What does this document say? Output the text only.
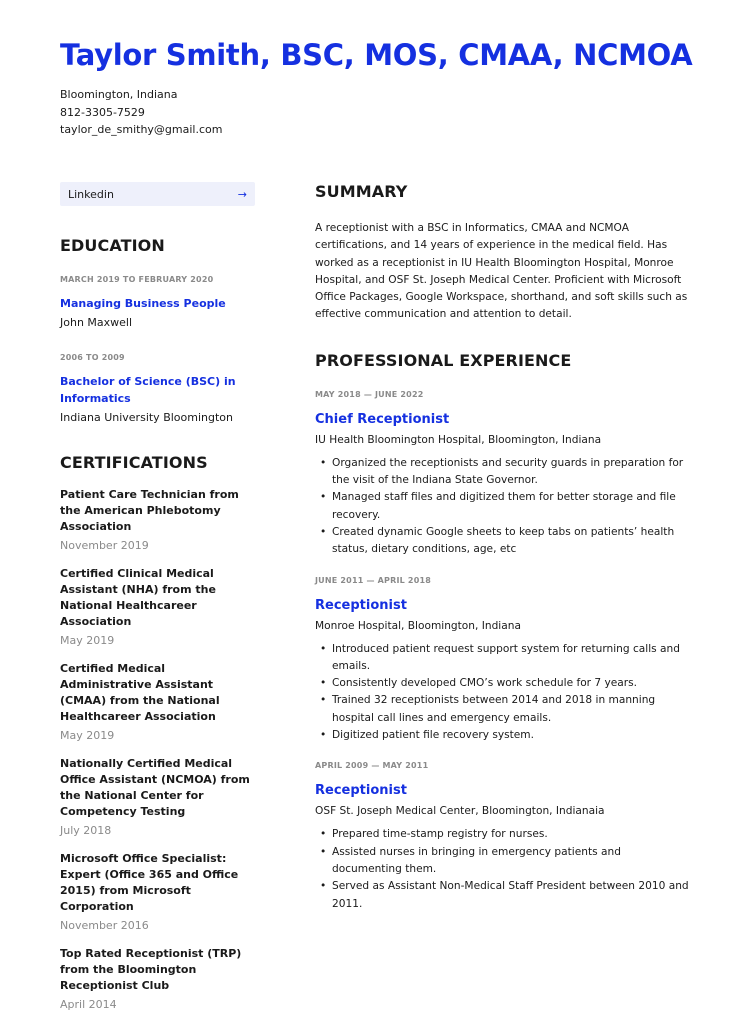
Taylor Smith, BSC, MOS, CMAA, NCMOA
Bloomington, Indiana
812-3305-7529
taylor_de_smithy@gmail.com
Linkedin	→
EDUCATION
MARCH 2019 TO FEBRUARY 2020
Managing Business People
John Maxwell
2006 TO 2009
Bachelor of Science (BSC) in Informatics
Indiana University Bloomington
CERTIFICATIONS
Patient Care Technician from the American Phlebotomy Association
November 2019
Certified Clinical Medical Assistant (NHA) from the National Healthcareer Association
May 2019
Certified Medical Administrative Assistant (CMAA) from the National Healthcareer Association
May 2019
Nationally Certified Medical Office Assistant (NCMOA) from the National Center for Competency Testing
July 2018
Microsoft Office Specialist: Expert (Office 365 and Office 2015) from Microsoft Corporation
November 2016
Top Rated Receptionist (TRP) from the Bloomington Receptionist Club
April 2014
SUMMARY

A receptionist with a BSC in Informatics, CMAA and NCMOA certifications, and 14 years of experience in the medical field. Has worked as a receptionist in IU Health Bloomington Hospital, Monroe Hospital, and OSF St. Joseph Medical Center. Proficient with Microsoft Office Packages, Google Workspace, shorthand, and soft skills such as effective communication and attention to detail.

PROFESSIONAL EXPERIENCE
MAY 2018 — JUNE 2022
Chief Receptionist
IU Health Bloomington Hospital, Bloomington, Indiana
• Organized the receptionists and security guards in preparation for the visit of the Indiana State Governor.
• Managed staff files and digitized them for better storage and file recovery.
• Created dynamic Google sheets to keep tabs on patients’ health status, dietary conditions, age, etc
JUNE 2011 — APRIL 2018
Receptionist
Monroe Hospital, Bloomington, Indiana
• Introduced patient request support system for returning calls and emails.
• Consistently developed CMO’s work schedule for 7 years.
• Trained 32 receptionists between 2014 and 2018 in manning hospital call lines and emergency emails.
• Digitized patient file recovery system.
APRIL 2009 — MAY 2011
Receptionist
OSF St. Joseph Medical Center, Bloomington, Indianaia
• Prepared time-stamp registry for nurses.
• Assisted nurses in bringing in emergency patients and documenting them.
• Served as Assistant Non-Medical Staff President between 2010 and 2011.
